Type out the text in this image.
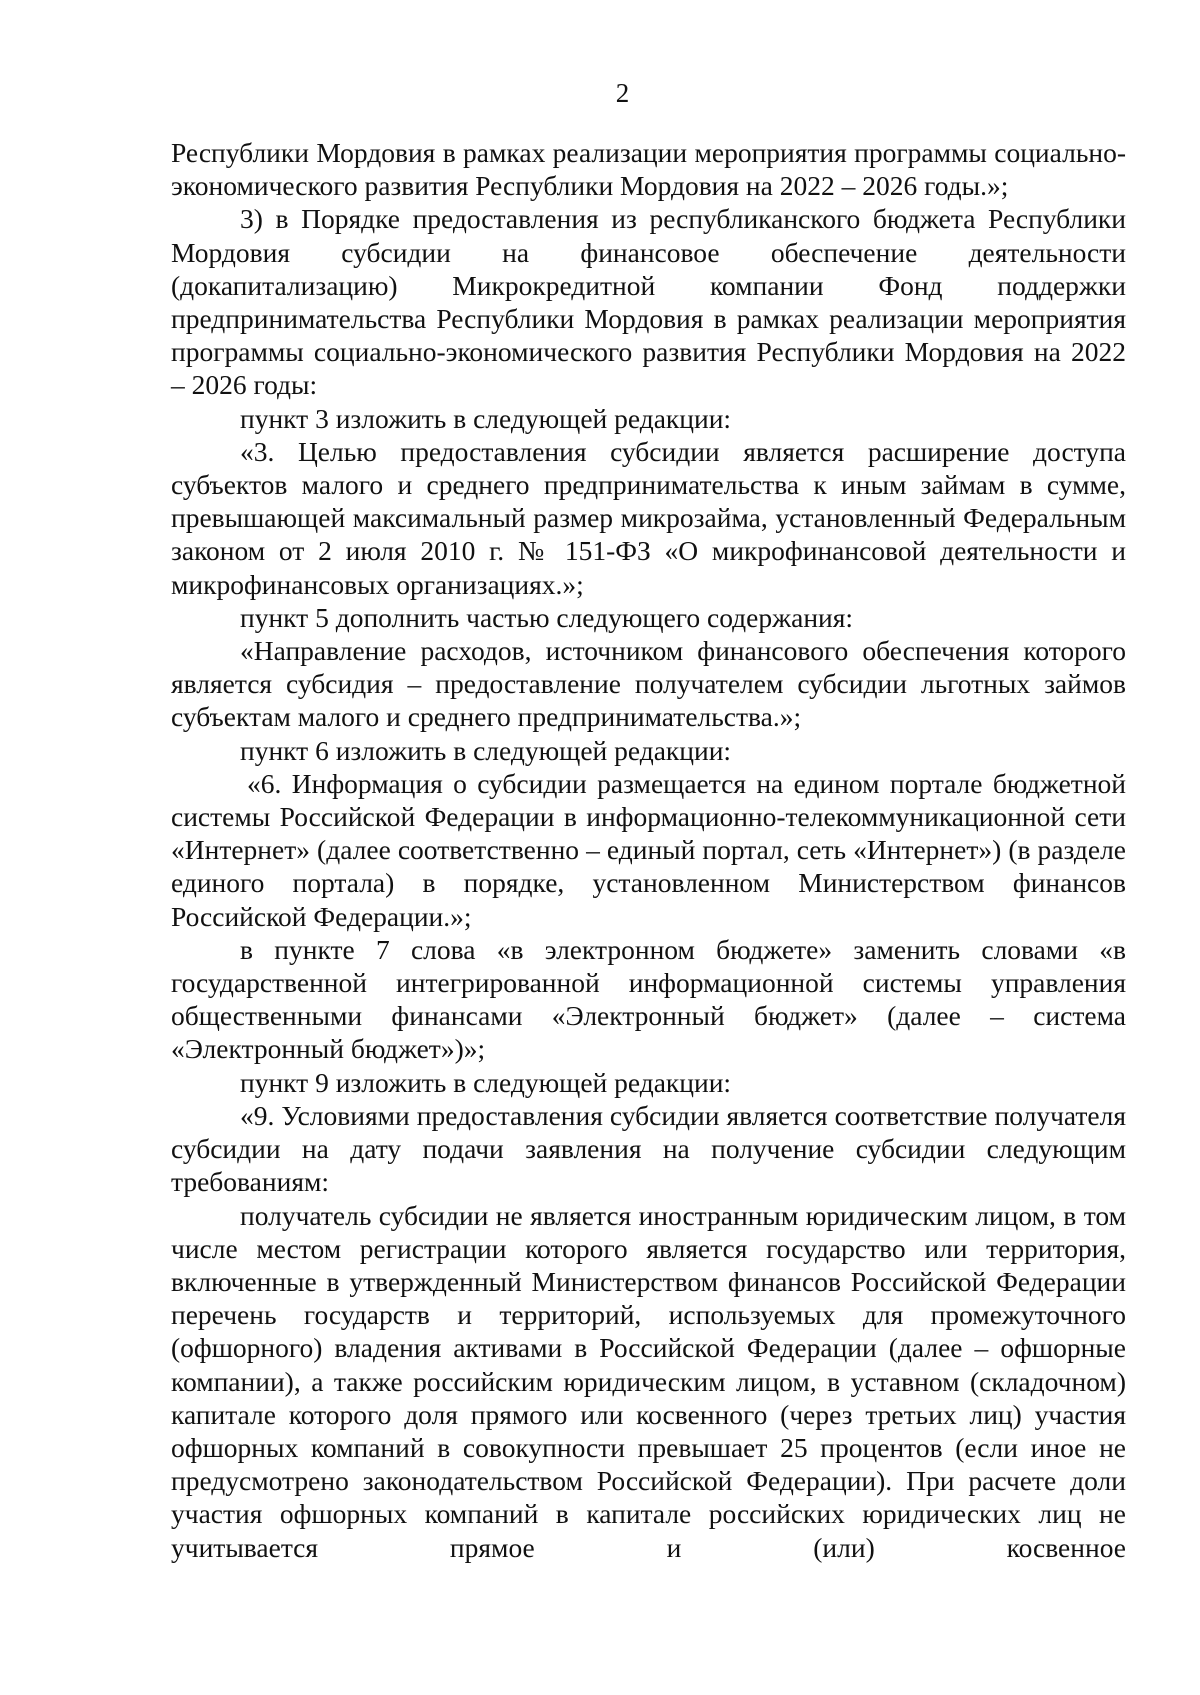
2

Республики Мордовия в рамках реализации мероприятия программы социально-экономического развития Республики Мордовия на 2022 – 2026 годы.»;

3) в Порядке предоставления из республиканского бюджета Республики Мордовия субсидии на финансовое обеспечение деятельности (докапитализацию) Микрокредитной компании Фонд поддержки предпринимательства Республики Мордовия в рамках реализации мероприятия программы социально-экономического развития Республики Мордовия на 2022 – 2026 годы:

пункт 3 изложить в следующей редакции:

«3. Целью предоставления субсидии является расширение доступа субъектов малого и среднего предпринимательства к иным займам в сумме, превышающей максимальный размер микрозайма, установленный Федеральным законом от 2 июля 2010 г. № 151-ФЗ «О микрофинансовой деятельности и микрофинансовых организациях.»;

пункт 5 дополнить частью следующего содержания:

«Направление расходов, источником финансового обеспечения которого является субсидия – предоставление получателем субсидии льготных займов субъектам малого и среднего предпринимательства.»;

пункт 6 изложить в следующей редакции:

«6. Информация о субсидии размещается на едином портале бюджетной системы Российской Федерации в информационно-телекоммуникационной сети «Интернет» (далее соответственно – единый портал, сеть «Интернет») (в разделе единого портала) в порядке, установленном Министерством финансов Российской Федерации.»;

в пункте 7 слова «в электронном бюджете» заменить словами «в государственной интегрированной информационной системы управления общественными финансами «Электронный бюджет» (далее – система «Электронный бюджет»)»;

пункт 9 изложить в следующей редакции:

«9. Условиями предоставления субсидии является соответствие получателя субсидии на дату подачи заявления на получение субсидии следующим требованиям:

получатель субсидии не является иностранным юридическим лицом, в том числе местом регистрации которого является государство или территория, включенные в утвержденный Министерством финансов Российской Федерации перечень государств и территорий, используемых для промежуточного (офшорного) владения активами в Российской Федерации (далее – офшорные компании), а также российским юридическим лицом, в уставном (складочном) капитале которого доля прямого или косвенного (через третьих лиц) участия офшорных компаний в совокупности превышает 25 процентов (если иное не предусмотрено законодательством Российской Федерации). При расчете доли участия офшорных компаний в капитале российских юридических лиц не учитывается прямое и (или) косвенное
